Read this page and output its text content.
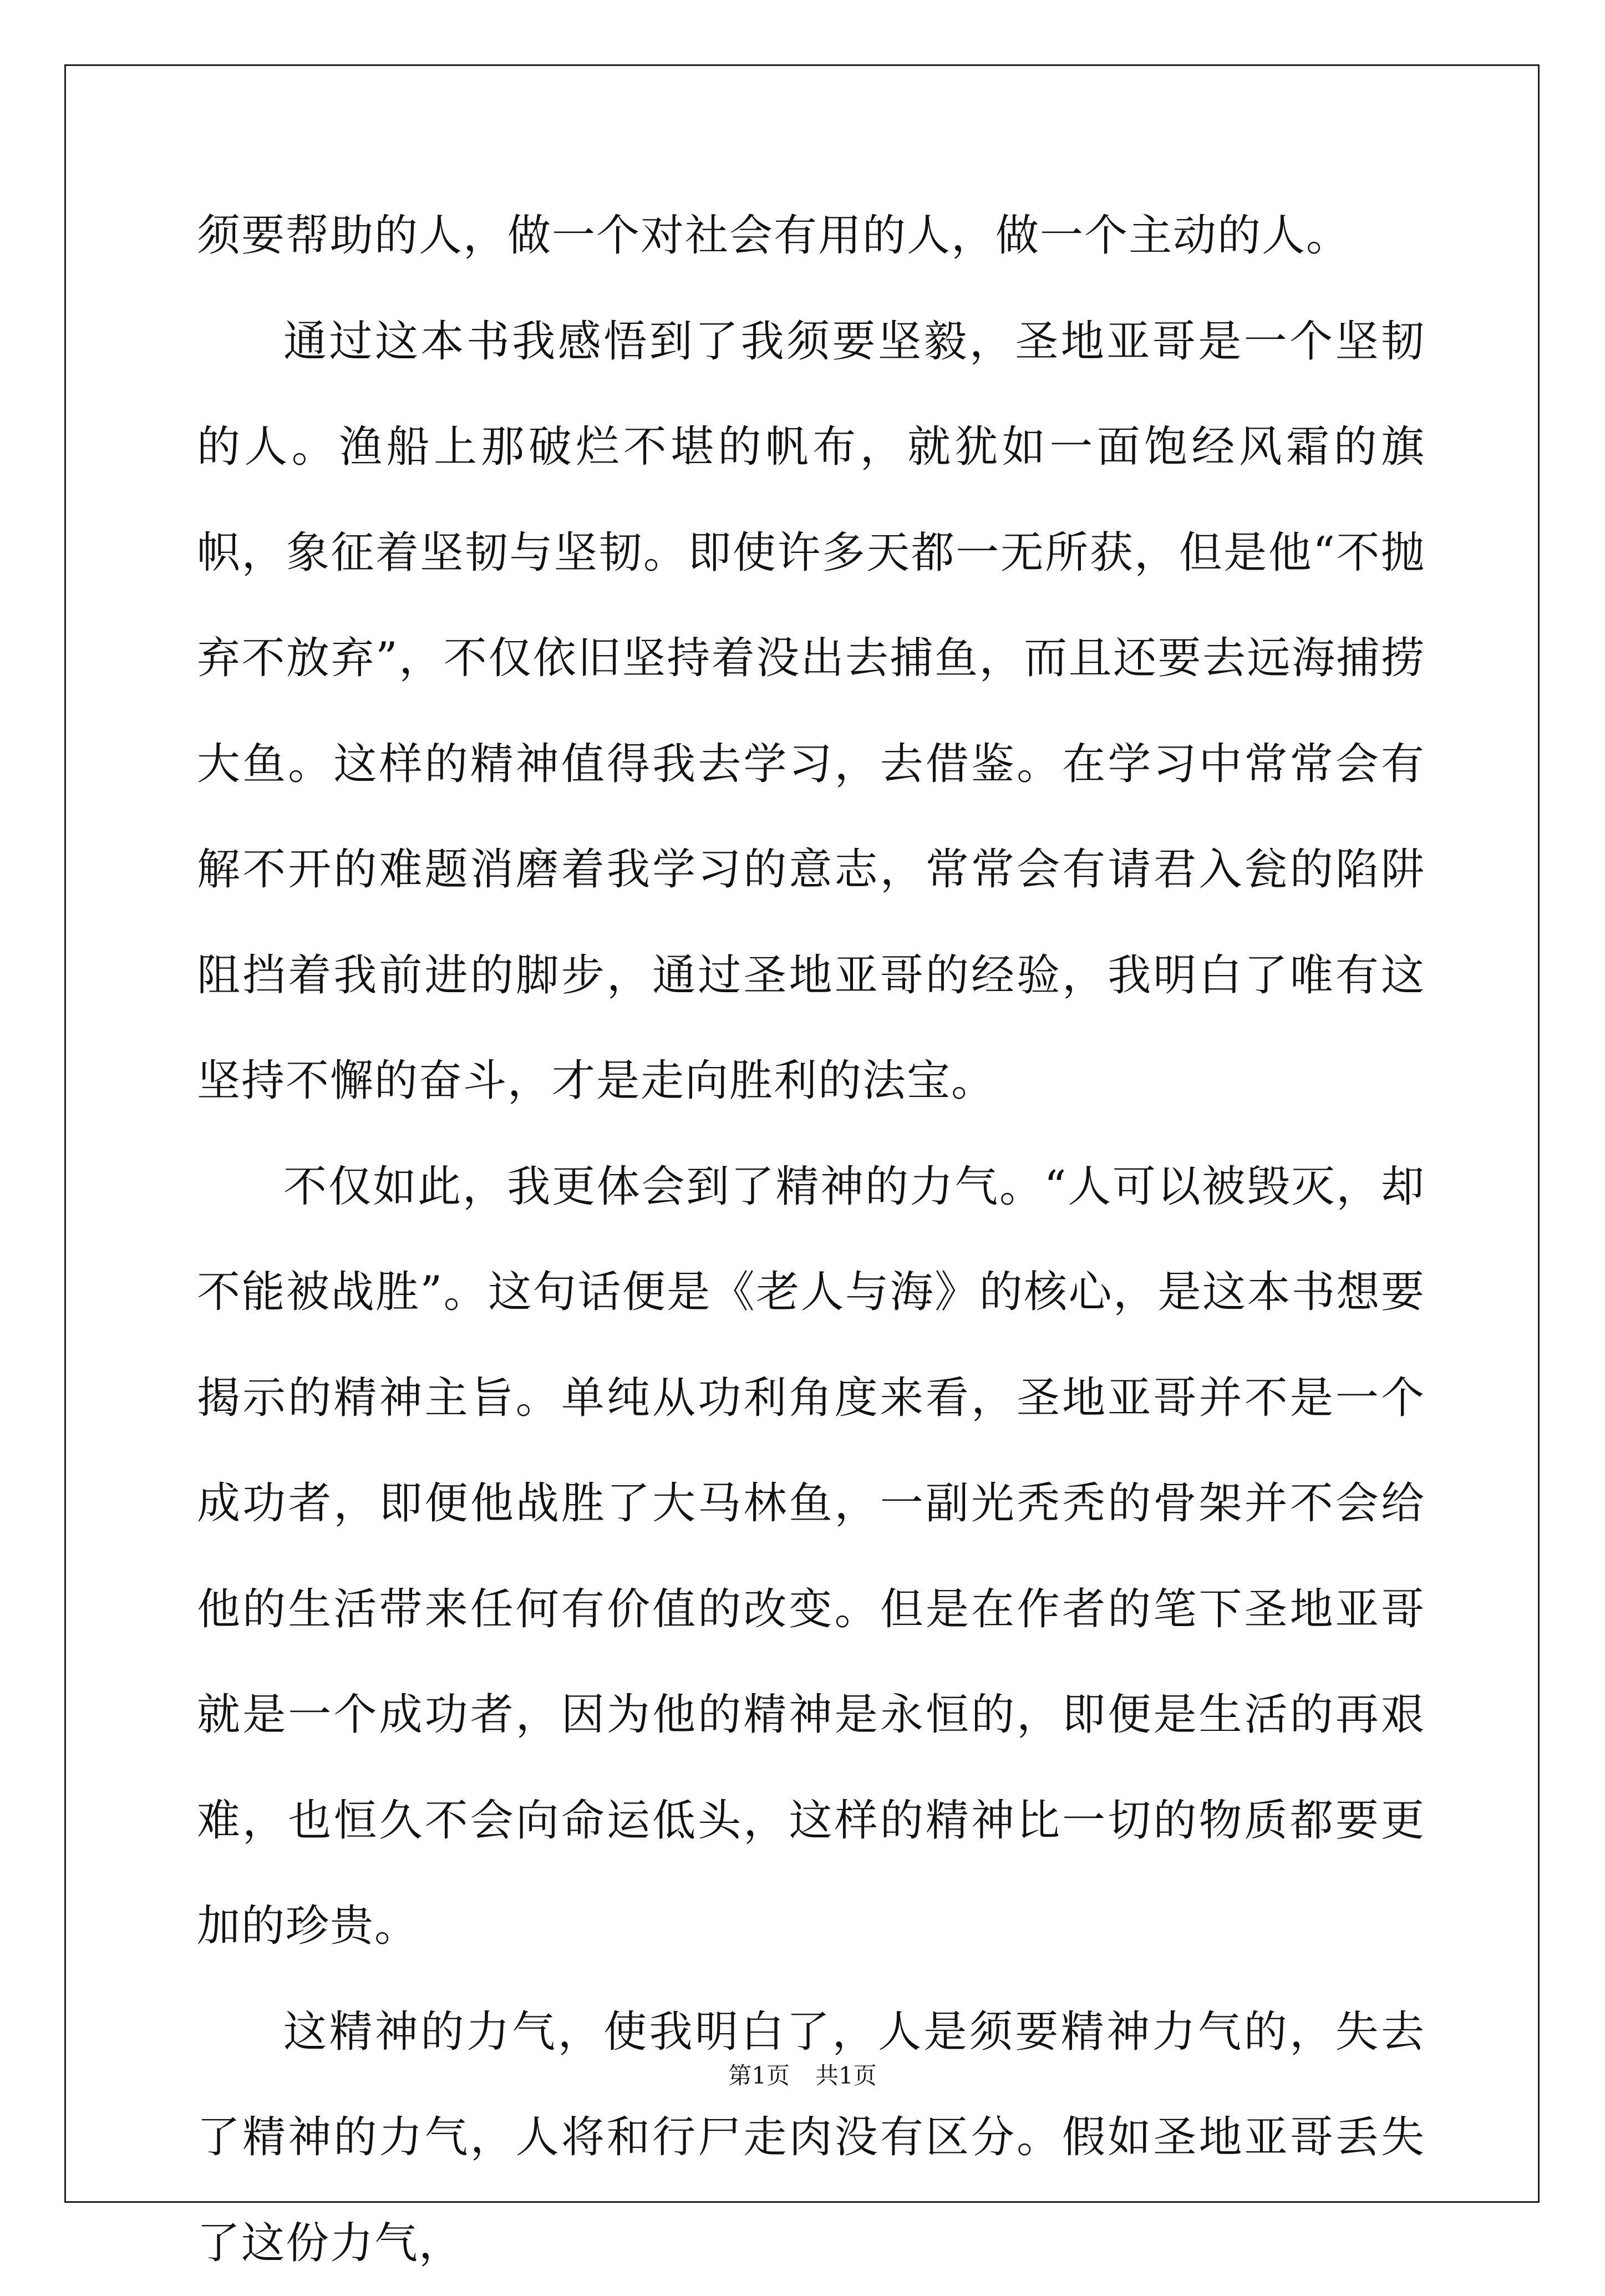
须要帮助的人，做一个对社会有用的人，做一个主动的人。

通过这本书我感悟到了我须要坚毅，圣地亚哥是一个坚韧的人。渔船上那破烂不堪的帆布，就犹如一面饱经风霜的旗帜，象征着坚韧与坚韧。即使许多天都一无所获，但是他“不抛弃不放弃”，不仅依旧坚持着没出去捕鱼，而且还要去远海捕捞大鱼。这样的精神值得我去学习，去借鉴。在学习中常常会有解不开的难题消磨着我学习的意志，常常会有请君入瓮的陷阱阻挡着我前进的脚步，通过圣地亚哥的经验，我明白了唯有这坚持不懈的奋斗，才是走向胜利的法宝。

不仅如此，我更体会到了精神的力气。“人可以被毁灭，却不能被战胜”。这句话便是《老人与海》的核心，是这本书想要揭示的精神主旨。单纯从功利角度来看，圣地亚哥并不是一个成功者，即便他战胜了大马林鱼，一副光秃秃的骨架并不会给他的生活带来任何有价值的改变。但是在作者的笔下圣地亚哥就是一个成功者，因为他的精神是永恒的，即便是生活的再艰难，也恒久不会向命运低头，这样的精神比一切的物质都要更加的珍贵。

这精神的力气，使我明白了，人是须要精神力气的，失去了精神的力气，人将和行尸走肉没有区分。假如圣地亚哥丢失了这份力气，

第1页 共1页
